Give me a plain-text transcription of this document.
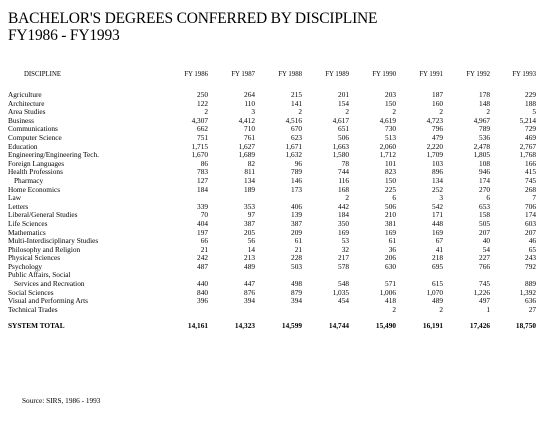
BACHELOR'S DEGREES CONFERRED BY DISCIPLINE
FY1986 - FY1993
DISCIPLINE	FY 1986	FY 1987	FY 1988	FY 1989	FY 1990	FY 1991	FY 1992	FY 1993

Agriculture	250	264	215	201	203	187	178	229
Architecture	122	110	141	154	150	160	148	188
Area Studies	2	3	2	2	2	2	2	5
Business	4,307	4,412	4,516	4,617	4,619	4,723	4,967	5,214
Communications	662	710	670	651	730	796	789	729
Computer Science	751	761	623	506	513	479	536	469
Education	1,715	1,627	1,671	1,663	2,060	2,220	2,478	2,767
Engineering/Engineering Tech.	1,670	1,689	1,632	1,580	1,712	1,709	1,805	1,768
Foreign Languages	86	82	96	78	101	103	108	166
Health Professions	783	811	789	744	823	896	946	415
Pharmacy	127	134	146	116	150	134	174	745
Home Economics	184	189	173	168	225	252	270	268
Law				2	6	3	6	7
Letters	339	353	406	442	506	542	653	706
Liberal/General Studies	70	97	139	184	210	171	158	174
Life Sciences	404	387	387	350	381	448	505	603
Mathematics	197	205	209	169	169	169	207	207
Multi-Interdisciplinary Studies	66	56	61	53	61	67	40	46
Philosophy and Religion	21	14	21	32	36	41	54	65
Physical Sciences	242	213	228	217	206	218	227	243
Psychology	487	489	503	578	630	695	766	792
Public Affairs, Social								
Services and Recreation	440	447	498	548	571	615	745	889
Social Sciences	840	876	879	1,035	1,006	1,070	1,226	1,392
Visual and Performing Arts	396	394	394	454	418	489	497	636
Technical Trades					2	2	1	27

SYSTEM TOTAL	14,161	14,323	14,599	14,744	15,490	16,191	17,426	18,750
Source: SIRS, 1986 - 1993
